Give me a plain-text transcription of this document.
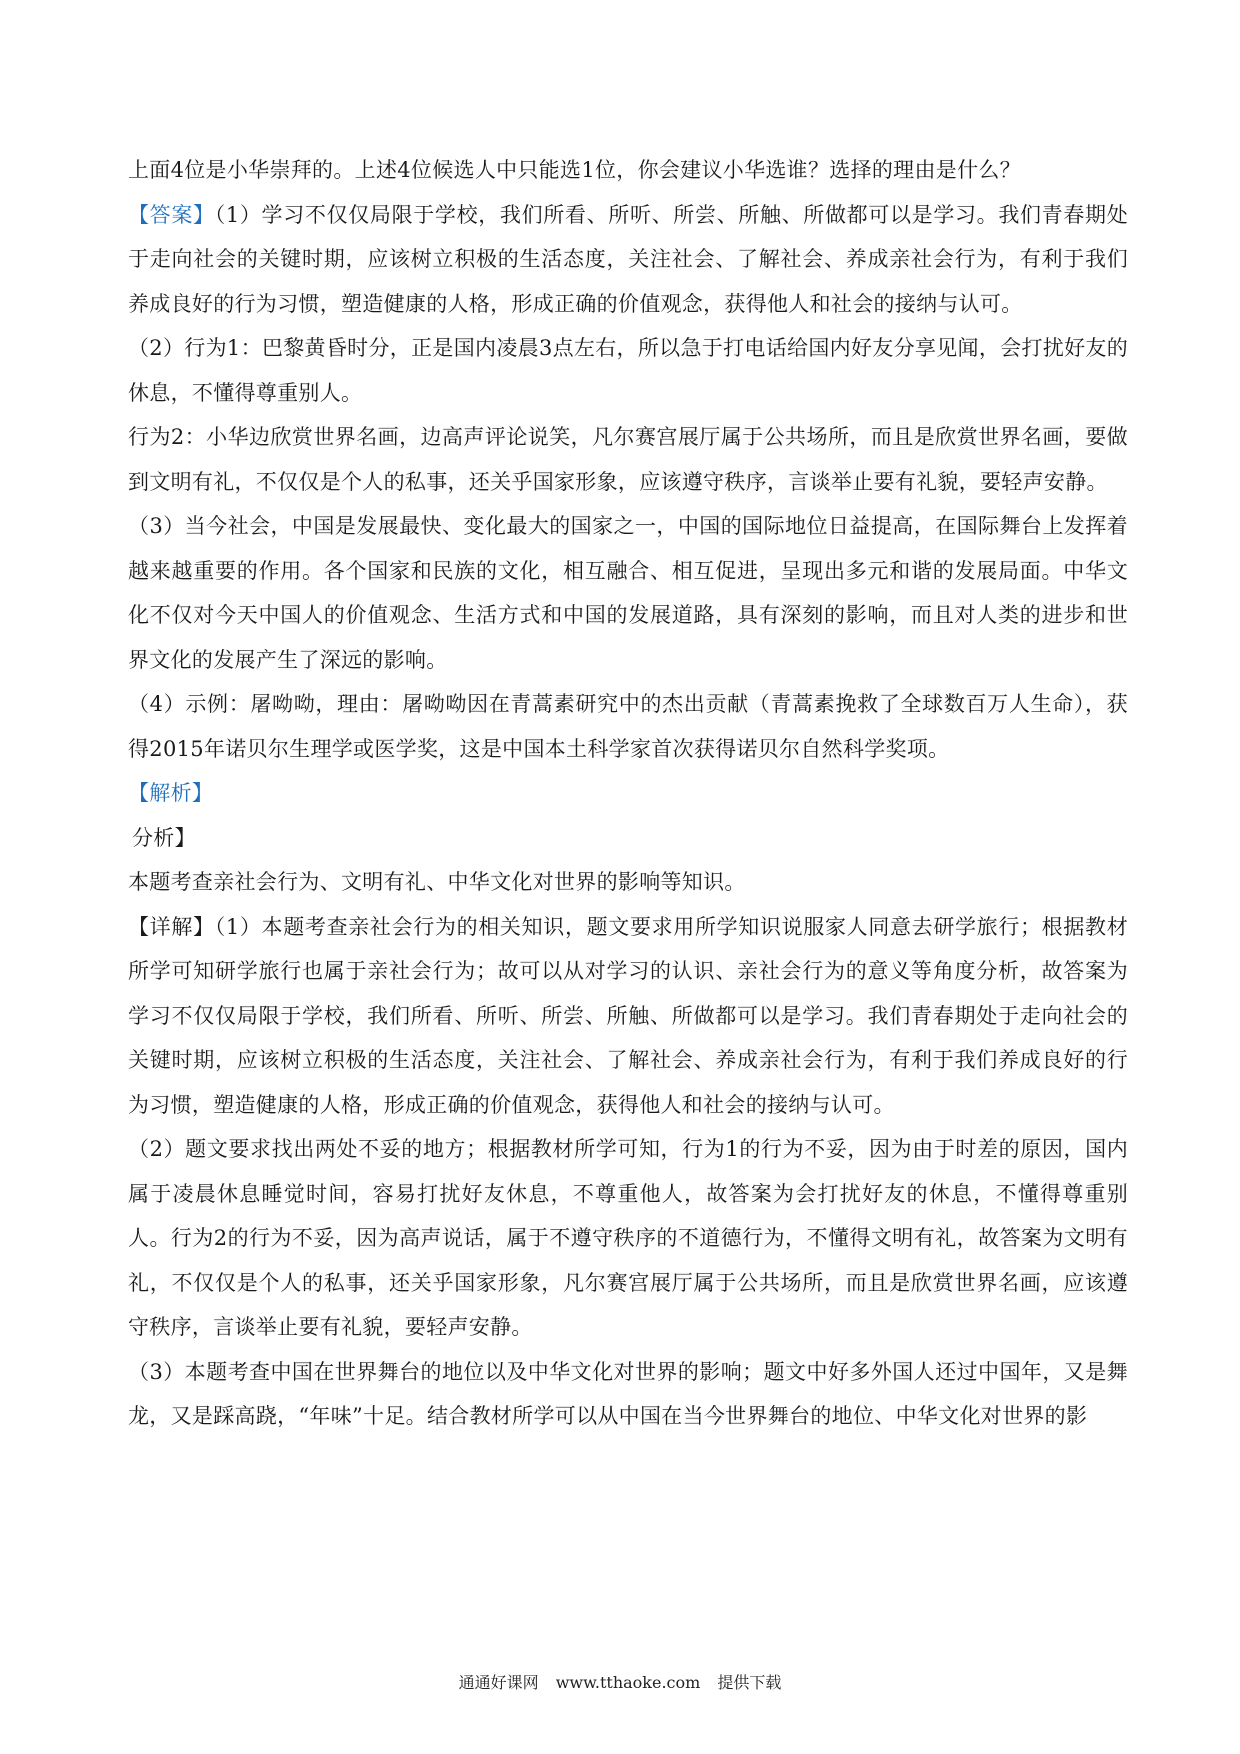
上面4位是小华崇拜的。上述4位候选人中只能选1位，你会建议小华选谁？选择的理由是什么？

【答案】（1）学习不仅仅局限于学校，我们所看、所听、所尝、所触、所做都可以是学习。我们青春期处于走向社会的关键时期，应该树立积极的生活态度，关注社会、了解社会、养成亲社会行为，有利于我们养成良好的行为习惯，塑造健康的人格，形成正确的价值观念，获得他人和社会的接纳与认可。

（2）行为1：巴黎黄昏时分，正是国内凌晨3点左右，所以急于打电话给国内好友分享见闻，会打扰好友的休息，不懂得尊重别人。

行为2：小华边欣赏世界名画，边高声评论说笑，凡尔赛宫展厅属于公共场所，而且是欣赏世界名画，要做到文明有礼，不仅仅是个人的私事，还关乎国家形象，应该遵守秩序，言谈举止要有礼貌，要轻声安静。

（3）当今社会，中国是发展最快、变化最大的国家之一，中国的国际地位日益提高，在国际舞台上发挥着越来越重要的作用。各个国家和民族的文化，相互融合、相互促进，呈现出多元和谐的发展局面。中华文化不仅对今天中国人的价值观念、生活方式和中国的发展道路，具有深刻的影响，而且对人类的进步和世界文化的发展产生了深远的影响。

（4）示例：屠呦呦，理由：屠呦呦因在青蒿素研究中的杰出贡献（青蒿素挽救了全球数百万人生命），获得2015年诺贝尔生理学或医学奖，这是中国本土科学家首次获得诺贝尔自然科学奖项。

【解析】

分析】

本题考查亲社会行为、文明有礼、中华文化对世界的影响等知识。

【详解】（1）本题考查亲社会行为的相关知识，题文要求用所学知识说服家人同意去研学旅行；根据教材所学可知研学旅行也属于亲社会行为；故可以从对学习的认识、亲社会行为的意义等角度分析，故答案为学习不仅仅局限于学校，我们所看、所听、所尝、所触、所做都可以是学习。我们青春期处于走向社会的关键时期，应该树立积极的生活态度，关注社会、了解社会、养成亲社会行为，有利于我们养成良好的行为习惯，塑造健康的人格，形成正确的价值观念，获得他人和社会的接纳与认可。

（2）题文要求找出两处不妥的地方；根据教材所学可知，行为1的行为不妥，因为由于时差的原因，国内属于凌晨休息睡觉时间，容易打扰好友休息，不尊重他人，故答案为会打扰好友的休息，不懂得尊重别人。行为2的行为不妥，因为高声说话，属于不遵守秩序的不道德行为，不懂得文明有礼，故答案为文明有礼，不仅仅是个人的私事，还关乎国家形象，凡尔赛宫展厅属于公共场所，而且是欣赏世界名画，应该遵守秩序，言谈举止要有礼貌，要轻声安静。

（3）本题考查中国在世界舞台的地位以及中华文化对世界的影响；题文中好多外国人还过中国年，又是舞龙，又是踩高跷，“年味”十足。结合教材所学可以从中国在当今世界舞台的地位、中华文化对世界的影

通通好课网 www.tthaoke.com 提供下载
